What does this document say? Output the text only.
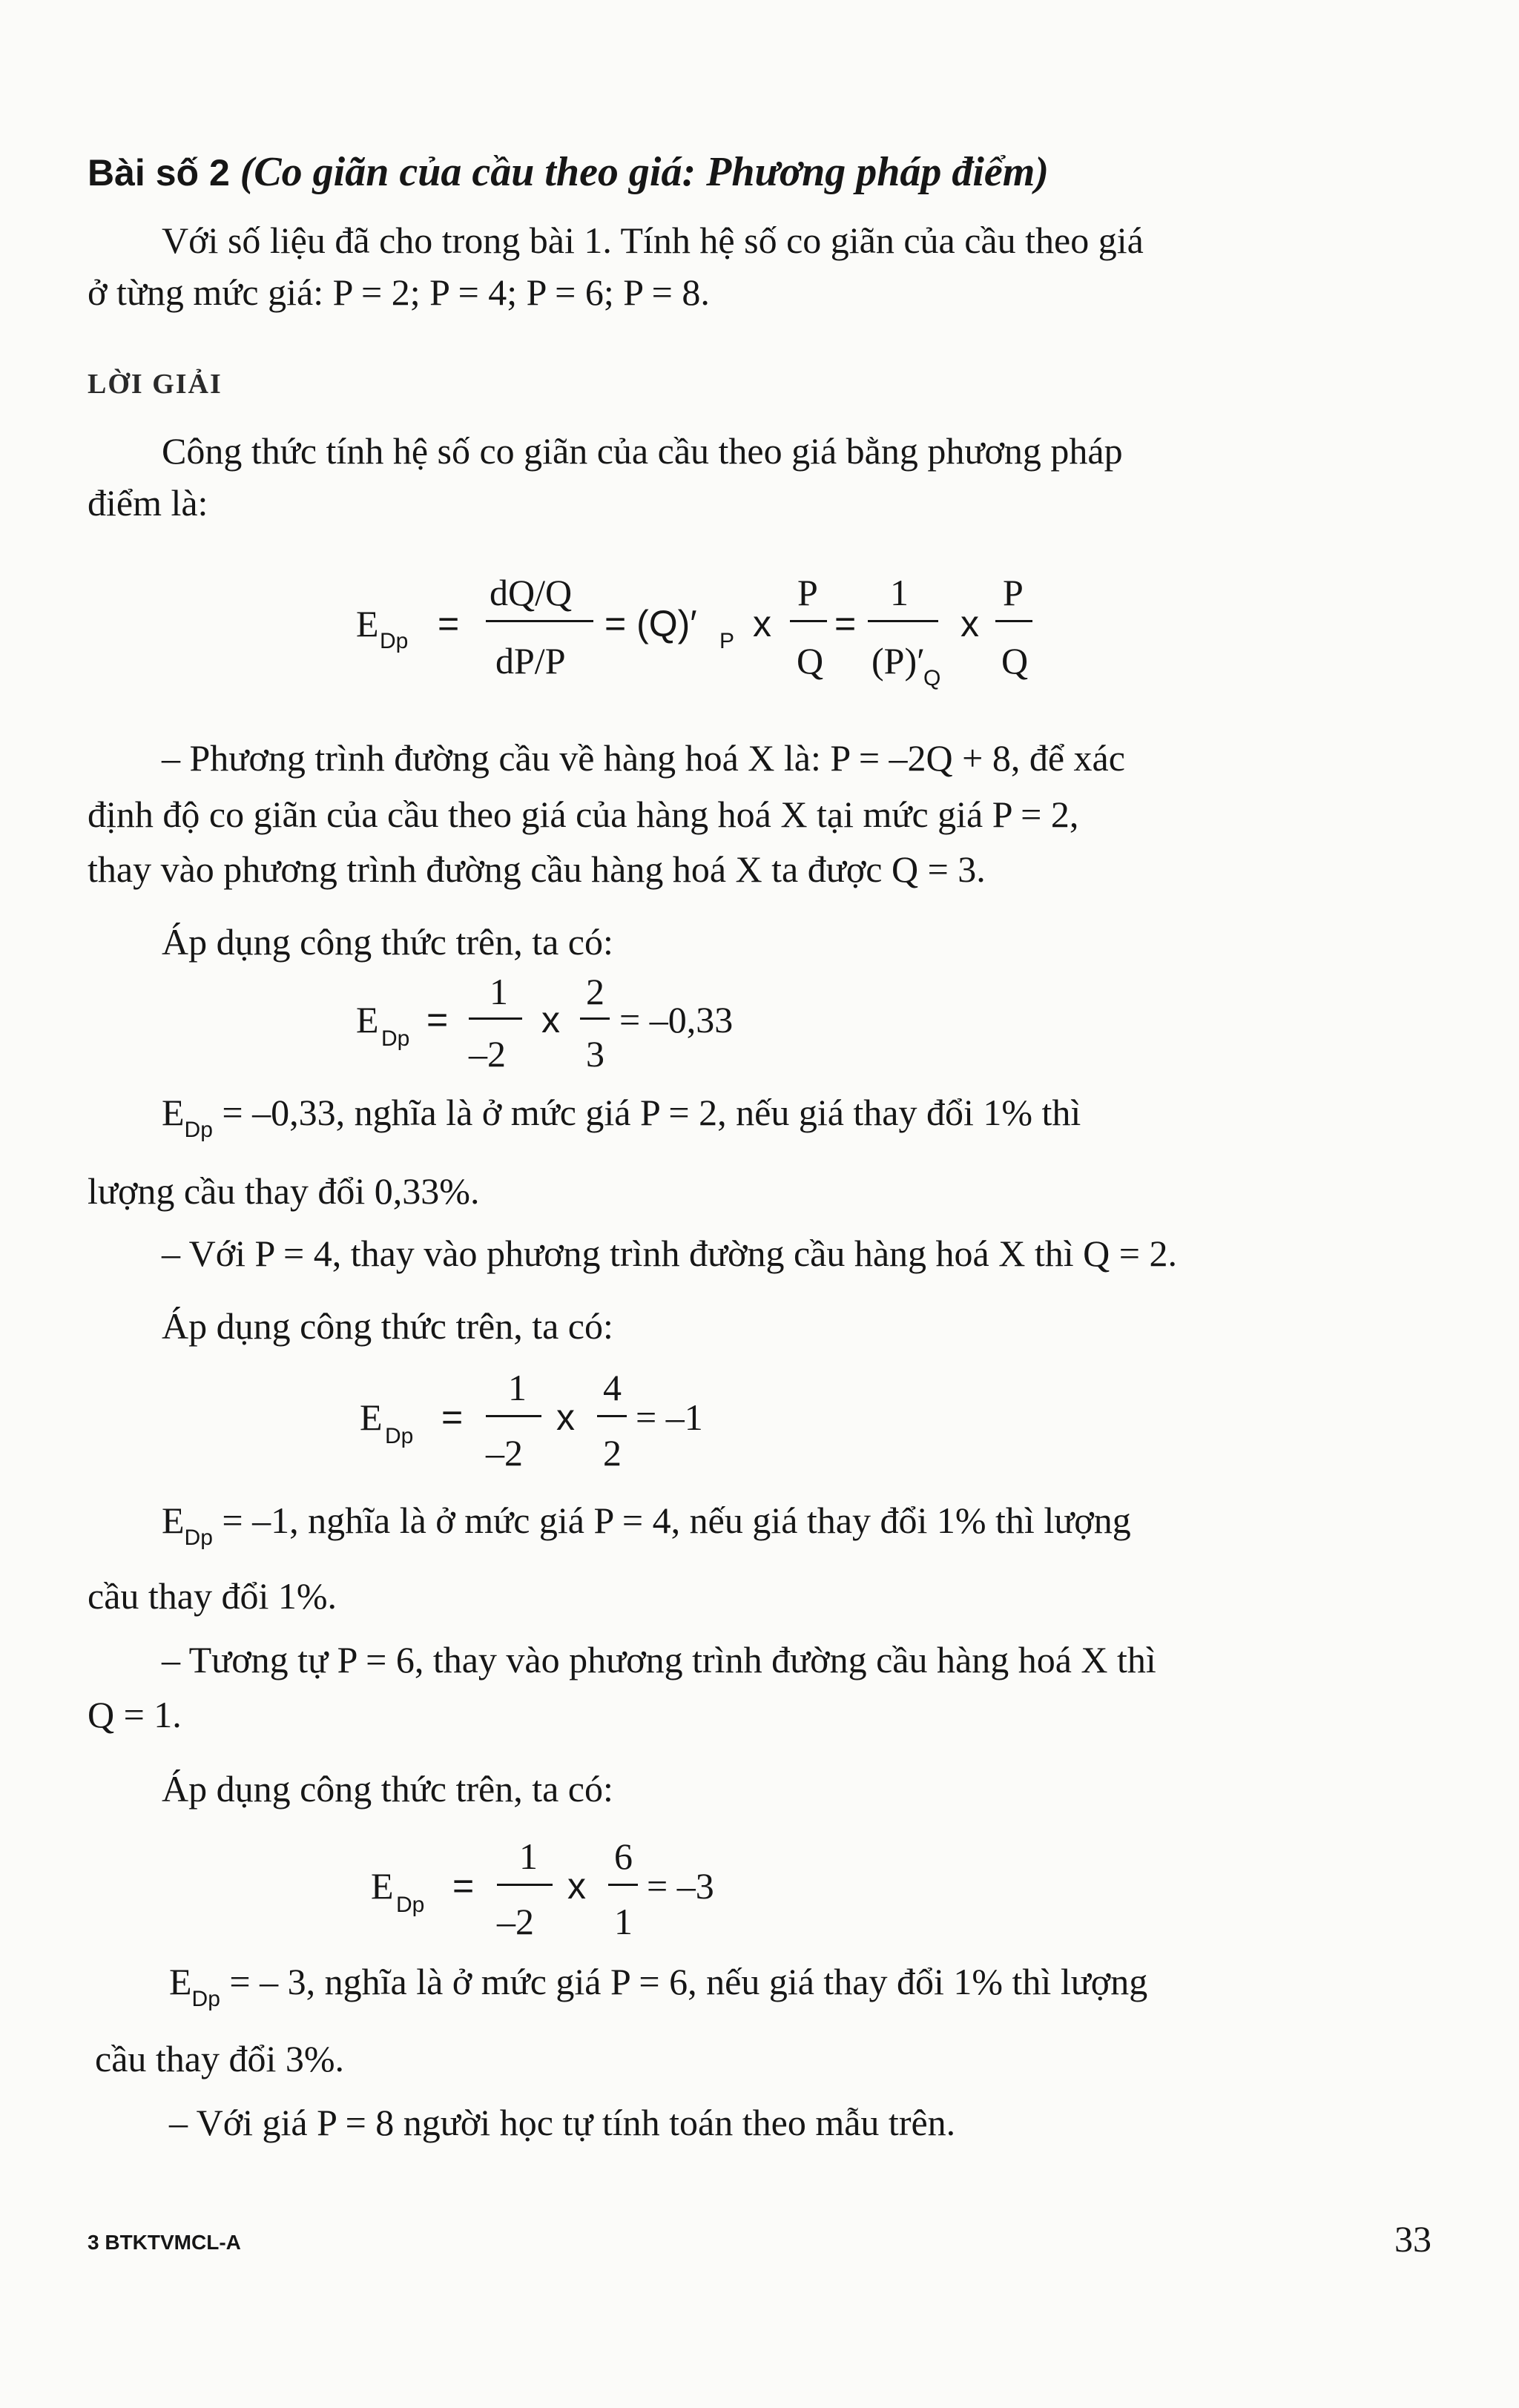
Bài số 2 (Co giãn của cầu theo giá: Phương pháp điểm)
Với số liệu đã cho trong bài 1. Tính hệ số co giãn của cầu theo giá
ở từng mức giá: P = 2; P = 4; P = 6; P = 8.
LỜI GIẢI
Công thức tính hệ số co giãn của cầu theo giá bằng phương pháp
điểm là:
E Dp =
dQ/Q
dP/P
= (Q)′ P x
P
Q
=
1
(P)′
Q
x
P
Q
– Phương trình đường cầu về hàng hoá X là: P = –2Q + 8, để xác
định độ co giãn của cầu theo giá của hàng hoá X tại mức giá P = 2,
thay vào phương trình đường cầu hàng hoá X ta được Q = 3.
Áp dụng công thức trên, ta có:
E Dp =
1
–2
x
2
3
= –0,33
$E_{Dp} = -0,33$, nghĩa là ở mức giá P = 2, nếu giá thay đổi 1% thì
lượng cầu thay đổi 0,33%.
– Với P = 4, thay vào phương trình đường cầu hàng hoá X thì Q = 2.
Áp dụng công thức trên, ta có:
E Dp =
1
–2
x
4
2
= –1
$E_{Dp} = -1$, nghĩa là ở mức giá P = 4, nếu giá thay đổi 1% thì lượng
cầu thay đổi 1%.
– Tương tự P = 6, thay vào phương trình đường cầu hàng hoá X thì
Q = 1.
Áp dụng công thức trên, ta có:
E Dp =
1
–2
x
6
1
= –3
$E_{Dp}$ = – 3, nghĩa là ở mức giá P = 6, nếu giá thay đổi 1% thì lượng
cầu thay đổi 3%.
– Với giá P = 8 người học tự tính toán theo mẫu trên.
3 BTKTVMCL-A	33
